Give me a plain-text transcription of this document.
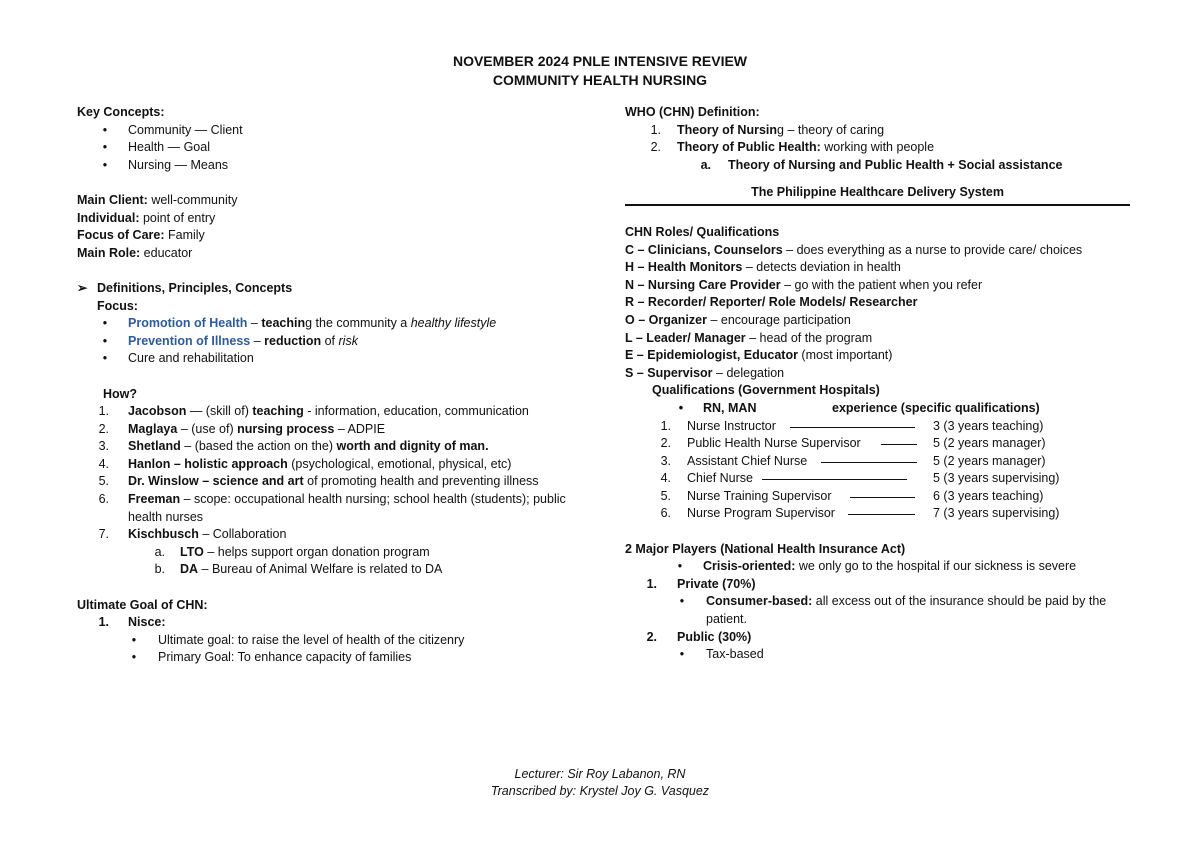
NOVEMBER 2024 PNLE INTENSIVE REVIEW
COMMUNITY HEALTH NURSING
Key Concepts:
•	Community — Client
•	Health — Goal
•	Nursing — Means
Main Client: well-community
Individual: point of entry
Focus of Care: Family
Main Role: educator
➢ Definitions, Principles, Concepts
Focus:
•	Promotion of Health – teaching the community a healthy lifestyle
•	Prevention of Illness – reduction of risk
•	Cure and rehabilitation
How?
1. Jacobson — (skill of) teaching - information, education, communication
2. Maglaya – (use of) nursing process – ADPIE
3. Shetland – (based the action on the) worth and dignity of man.
4. Hanlon – holistic approach (psychological, emotional, physical, etc)
5.	Dr. Winslow – science and art of promoting health and preventing illness
6.	Freeman – scope: occupational health nursing; school health (students); public health nurses
7. Kischbusch – Collaboration
a. LTO – helps support organ donation program
b. DA – Bureau of Animal Welfare is related to DA
Ultimate Goal of CHN:
1. Nisce:
•	Ultimate goal: to raise the level of health of the citizenry
•	Primary Goal: To enhance capacity of families
WHO (CHN) Definition:
1. Theory of Nursing – theory of caring
2. Theory of Public Health: working with people
a. Theory of Nursing and Public Health + Social assistance
The Philippine Healthcare Delivery System
CHN Roles/ Qualifications
C – Clinicians, Counselors – does everything as a nurse to provide care/ choices
H – Health Monitors – detects deviation in health
N – Nursing Care Provider – go with the patient when you refer
R – Recorder/ Reporter/ Role Models/ Researcher
O – Organizer – encourage participation
L – Leader/ Manager – head of the program
E – Epidemiologist, Educator (most important)
S – Supervisor – delegation
Qualifications (Government Hospitals)
•	RN, MAN	experience (specific qualifications)
1. Nurse Instructor	3 (3 years teaching)

2. Public Health Nurse Supervisor	5 (2 years manager)

3. Assistant Chief Nurse	5 (2 years manager)

4. Chief Nurse	5 (3 years supervising)

5. Nurse Training Supervisor	6 (3 years teaching)

6. Nurse Program Supervisor	7 (3 years supervising)

2 Major Players (National Health Insurance Act)
•	Crisis-oriented: we only go to the hospital if our sickness is severe
1. Private (70%)
•	Consumer-based: all excess out of the insurance should be paid by the patient.
2. Public (30%)
•	Tax-based
Lecturer: Sir Roy Labanon, RN
Transcribed by: Krystel Joy G. Vasquez
